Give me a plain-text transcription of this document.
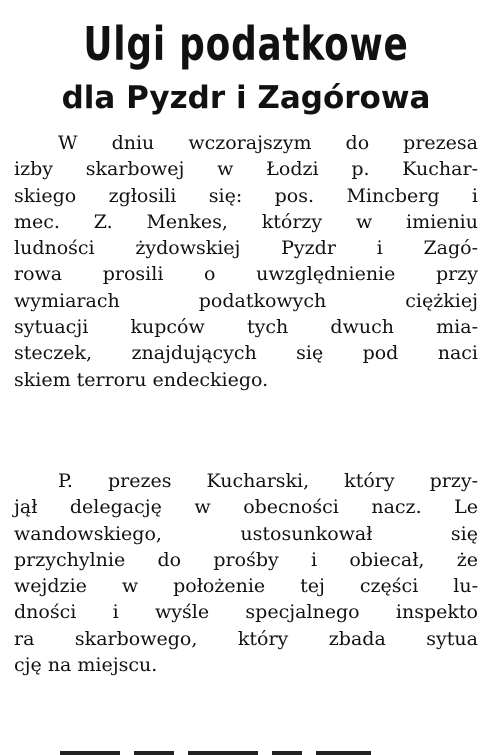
Ulgi podatkowe
dla Pyzdr i Zagórowa
W dniu wczorajszym do prezesa
izby skarbowej w Łodzi p. Kuchar-
skiego zgłosili się: pos. Mincberg i
mec. Z. Menkes, którzy w imieniu
ludności żydowskiej Pyzdr i Zagó-
rowa prosili o uwzględnienie przy
wymiarach podatkowych ciężkiej
sytuacji kupców tych dwuch mia-
steczek, znajdujących się pod naci
skiem terroru endeckiego.
P. prezes Kucharski, który przy-
jął delegację w obecności nacz. Le
wandowskiego, ustosunkował się
przychylnie do prośby i obiecał, że
wejdzie w położenie tej części lu-
dności i wyśle specjalnego inspekto
ra skarbowego, który zbada sytua
cję na miejscu.
